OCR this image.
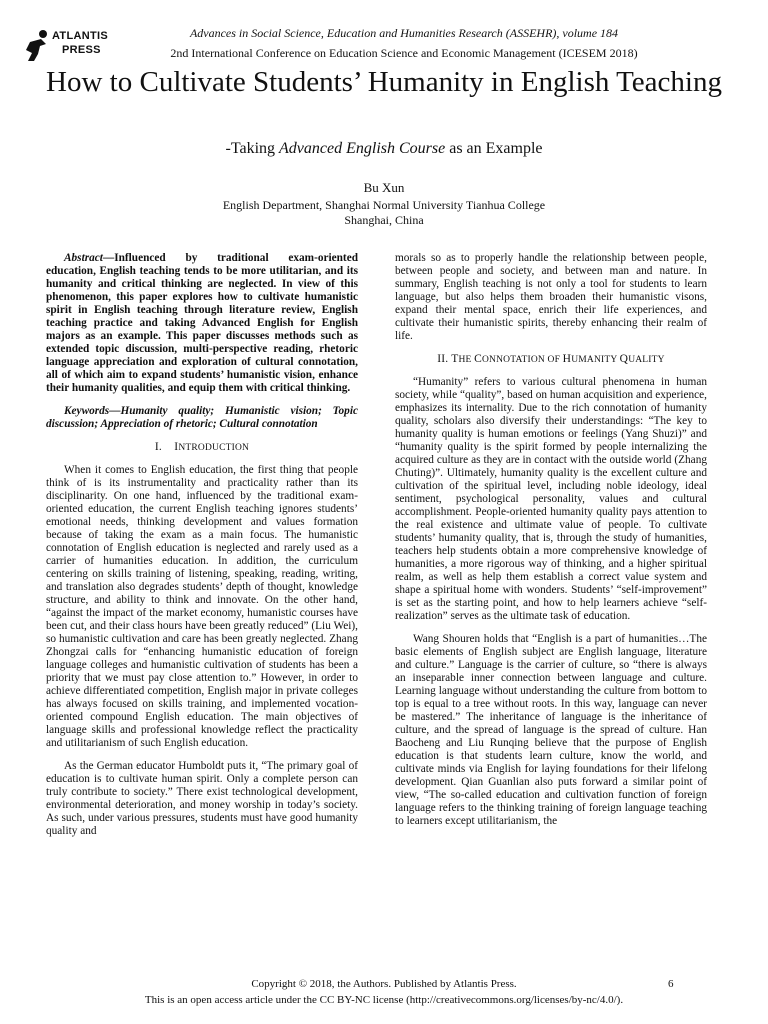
ATLANTIS
PRESS
Advances in Social Science, Education and Humanities Research (ASSEHR), volume 184
2nd International Conference on Education Science and Economic Management (ICESEM 2018)
How to Cultivate Students’ Humanity in English Teaching
-Taking Advanced English Course as an Example
Bu Xun
English Department, Shanghai Normal University Tianhua College
Shanghai, China

Abstract—Influenced by traditional exam-oriented education, English teaching tends to be more utilitarian, and its humanity and critical thinking are neglected. In view of this phenomenon, this paper explores how to cultivate humanistic spirit in English teaching through literature review, English teaching practice and taking Advanced English for English majors as an example. This paper discusses methods such as extended topic discussion, multi-perspective reading, rhetoric language appreciation and exploration of cultural connotation, all of which aim to expand students’ humanistic vision, enhance their humanity qualities, and equip them with critical thinking.

Keywords—Humanity quality; Humanistic vision; Topic discussion; Appreciation of rhetoric; Cultural connotation

I. INTRODUCTION

When it comes to English education, the first thing that people think of is its instrumentality and practicality rather than its disciplinarity. On one hand, influenced by the traditional exam-oriented education, the current English teaching ignores students’ emotional needs, thinking development and values formation because of taking the exam as a main focus. The humanistic connotation of English education is neglected and rarely used as a carrier of humanities education. In addition, the curriculum centering on skills training of listening, speaking, reading, writing, and translation also degrades students’ depth of thought, knowledge structure, and ability to think and innovate. On the other hand, “against the impact of the market economy, humanistic courses have been cut, and their class hours have been greatly reduced” (Liu Wei), so humanistic cultivation and care has been greatly neglected. Zhang Zhongzai calls for “enhancing humanistic education of foreign language colleges and humanistic cultivation of students has been a priority that we must pay close attention to.” However, in order to achieve differentiated competition, English major in private colleges has always focused on skills training, and implemented vocation-oriented compound English education. The main objectives of language skills and professional knowledge reflect the practicality and utilitarianism of such English education.

As the German educator Humboldt puts it, “The primary goal of education is to cultivate human spirit. Only a complete person can truly contribute to society.” There exist technological development, environmental deterioration, and money worship in today’s society. As such, under various pressures, students must have good humanity quality and

morals so as to properly handle the relationship between people, between people and society, and between man and nature. In summary, English teaching is not only a tool for students to learn language, but also helps them broaden their humanistic visons, expand their mental space, enrich their life experiences, and cultivate their humanistic spirits, thereby enhancing their realm of life.

II. THE CONNOTATION OF HUMANITY QUALITY

“Humanity” refers to various cultural phenomena in human society, while “quality”, based on human acquisition and experience, emphasizes its internality. Due to the rich connotation of humanity quality, scholars also diversify their understandings: “The key to humanity quality is human emotions or feelings (Yang Shuzi)” and “humanity quality is the spirit formed by people internalizing the acquired culture as they are in contact with the outside world (Zhang Chuting)”. Ultimately, humanity quality is the excellent culture and cultivation of the spiritual level, including noble ideology, ideal sentiment, psychological personality, values and cultural accomplishment. People-oriented humanity quality pays attention to the real existence and ultimate value of people. To cultivate students’ humanity quality, that is, through the study of humanities, teachers help students obtain a more comprehensive knowledge of humanities, a more rigorous way of thinking, and a higher spiritual realm, as well as help them establish a correct value system and shape a spiritual home with wonders. Students’ “self-improvement” is set as the starting point, and how to help learners achieve “self-realization” serves as the ultimate task of education.

Wang Shouren holds that “English is a part of humanities…The basic elements of English subject are English language, literature and culture.” Language is the carrier of culture, so “there is always an inseparable inner connection between language and culture. Learning language without understanding the culture from bottom to top is equal to a tree without roots. In this way, language can never be mastered.” The inheritance of language is the inheritance of culture, and the spread of language is the spread of culture. Han Baocheng and Liu Runqing believe that the purpose of English education is that students learn culture, know the world, and cultivate minds via English for laying foundations for their lifelong development. Qian Guanlian also puts forward a similar point of view, “The so-called education and cultivation function of foreign language refers to the thinking training of foreign language teaching to learners except utilitarianism, the

Copyright © 2018, the Authors. Published by Atlantis Press.	6
This is an open access article under the CC BY-NC license (http://creativecommons.org/licenses/by-nc/4.0/).
